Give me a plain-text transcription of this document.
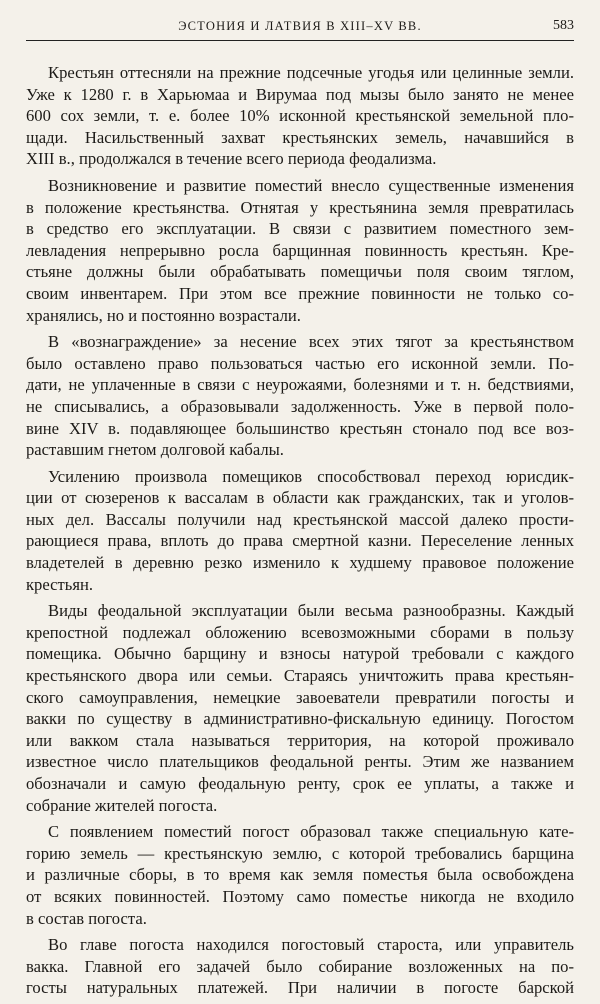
ЭСТОНИЯ И ЛАТВИЯ В XIII–XV ВВ.	583

Крестьян оттесняли на прежние подсечные угодья или целинные земли.
Уже к 1280 г. в Харьюмаа и Вирумаа под мызы было занято не менее
600 сох земли, т. е. более 10% исконной крестьянской земельной пло-
щади. Насильственный захват крестьянских земель, начавшийся в
XIII в., продолжался в течение всего периода феодализма.

Возникновение и развитие поместий внесло существенные изменения
в положение крестьянства. Отнятая у крестьянина земля превратилась
в средство его эксплуатации. В связи с развитием поместного зем-
левладения непрерывно росла барщинная повинность крестьян. Кре-
стьяне должны были обрабатывать помещичьи поля своим тяглом,
своим инвентарем. При этом все прежние повинности не только со-
хранялись, но и постоянно возрастали.

В «вознаграждение» за несение всех этих тягот за крестьянством
было оставлено право пользоваться частью его исконной земли. По-
дати, не уплаченные в связи с неурожаями, болезнями и т. н. бедствиями,
не списывались, а образовывали задолженность. Уже в первой поло-
вине XIV в. подавляющее большинство крестьян стонало под все воз-
раставшим гнетом долговой кабалы.

Усилению произвола помещиков способствовал переход юрисдик-
ции от сюзеренов к вассалам в области как гражданских, так и уголов-
ных дел. Вассалы получили над крестьянской массой далеко прости-
рающиеся права, вплоть до права смертной казни. Переселение ленных
владетелей в деревню резко изменило к худшему правовое положение
крестьян.

Виды феодальной эксплуатации были весьма разнообразны. Каждый
крепостной подлежал обложению всевозможными сборами в пользу
помещика. Обычно барщину и взносы натурой требовали с каждого
крестьянского двора или семьи. Стараясь уничтожить права крестьян-
ского самоуправления, немецкие завоеватели превратили погосты и
вакки по существу в административно-фискальную единицу. Погостом
или вакком стала называться территория, на которой проживало
известное число плательщиков феодальной ренты. Этим же названием
обозначали и самую феодальную ренту, срок ее уплаты, а также и
собрание жителей погоста.

С появлением поместий погост образовал также специальную кате-
горию земель — крестьянскую землю, с которой требовались барщина
и различные сборы, в то время как земля поместья была освобождена
от всяких повинностей. Поэтому само поместье никогда не входило
в состав погоста.

Во главе погоста находился погостовый староста, или управитель
вакка. Главной его задачей было собирание возложенных на по-
госты натуральных платежей. При наличии в погосте барской
